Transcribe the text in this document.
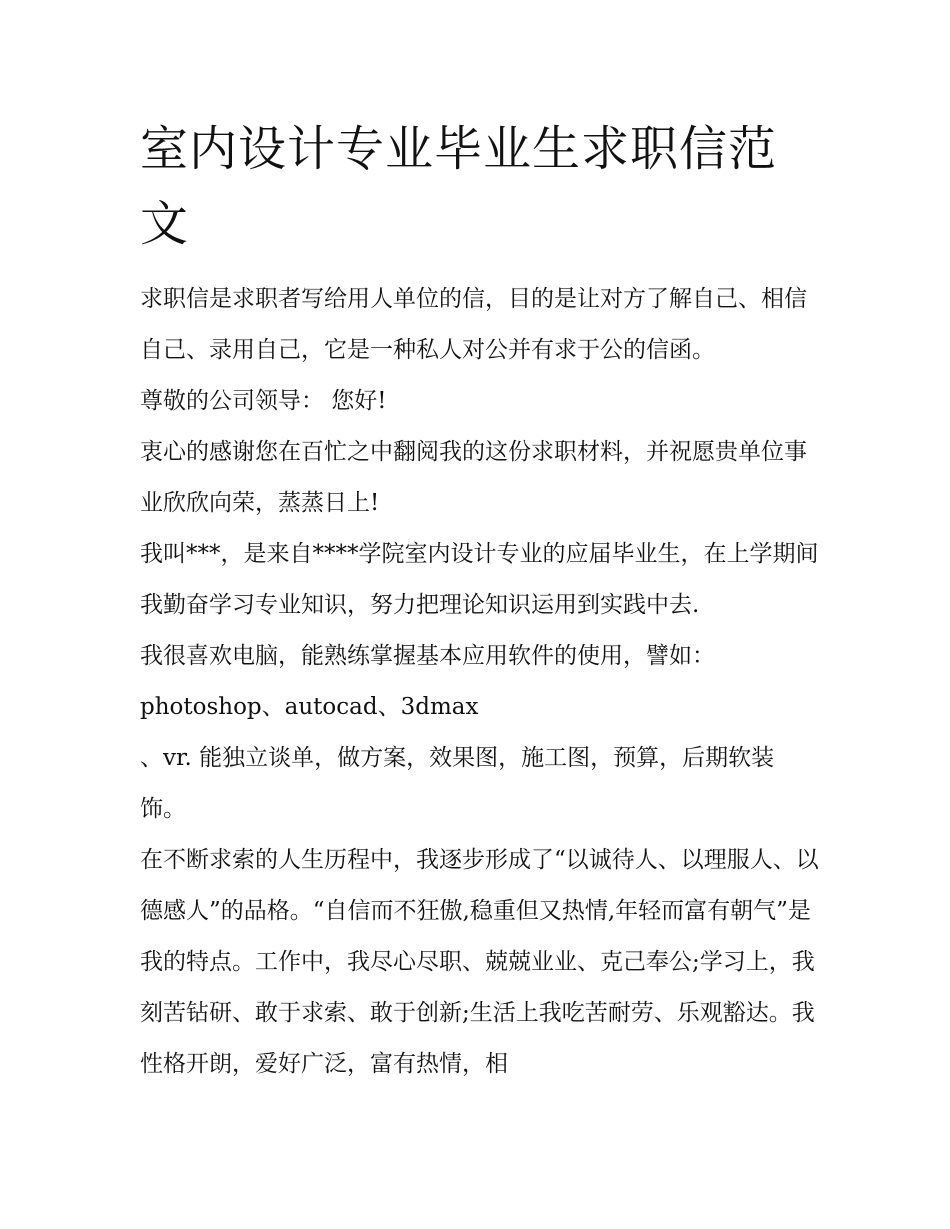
室内设计专业毕业生求职信范文

求职信是求职者写给用人单位的信，目的是让对方了解自己、相信自己、录用自己，它是一种私人对公并有求于公的信函。

尊敬的公司领导： 您好!

衷心的感谢您在百忙之中翻阅我的这份求职材料，并祝愿贵单位事业欣欣向荣，蒸蒸日上!

我叫***，是来自****学院室内设计专业的应届毕业生，在上学期间我勤奋学习专业知识，努力把理论知识运用到实践中去.

我很喜欢电脑，能熟练掌握基本应用软件的使用，譬如：

photoshop、autocad、3dmax

、vr. 能独立谈单，做方案，效果图，施工图，预算，后期软装饰。

在不断求索的人生历程中，我逐步形成了“以诚待人、以理服人、以德感人”的品格。“自信而不狂傲,稳重但又热情,年轻而富有朝气”是我的特点。工作中，我尽心尽职、兢兢业业、克己奉公;学习上，我刻苦钻研、敢于求索、敢于创新;生活上我吃苦耐劳、乐观豁达。我性格开朗，爱好广泛，富有热情，相
